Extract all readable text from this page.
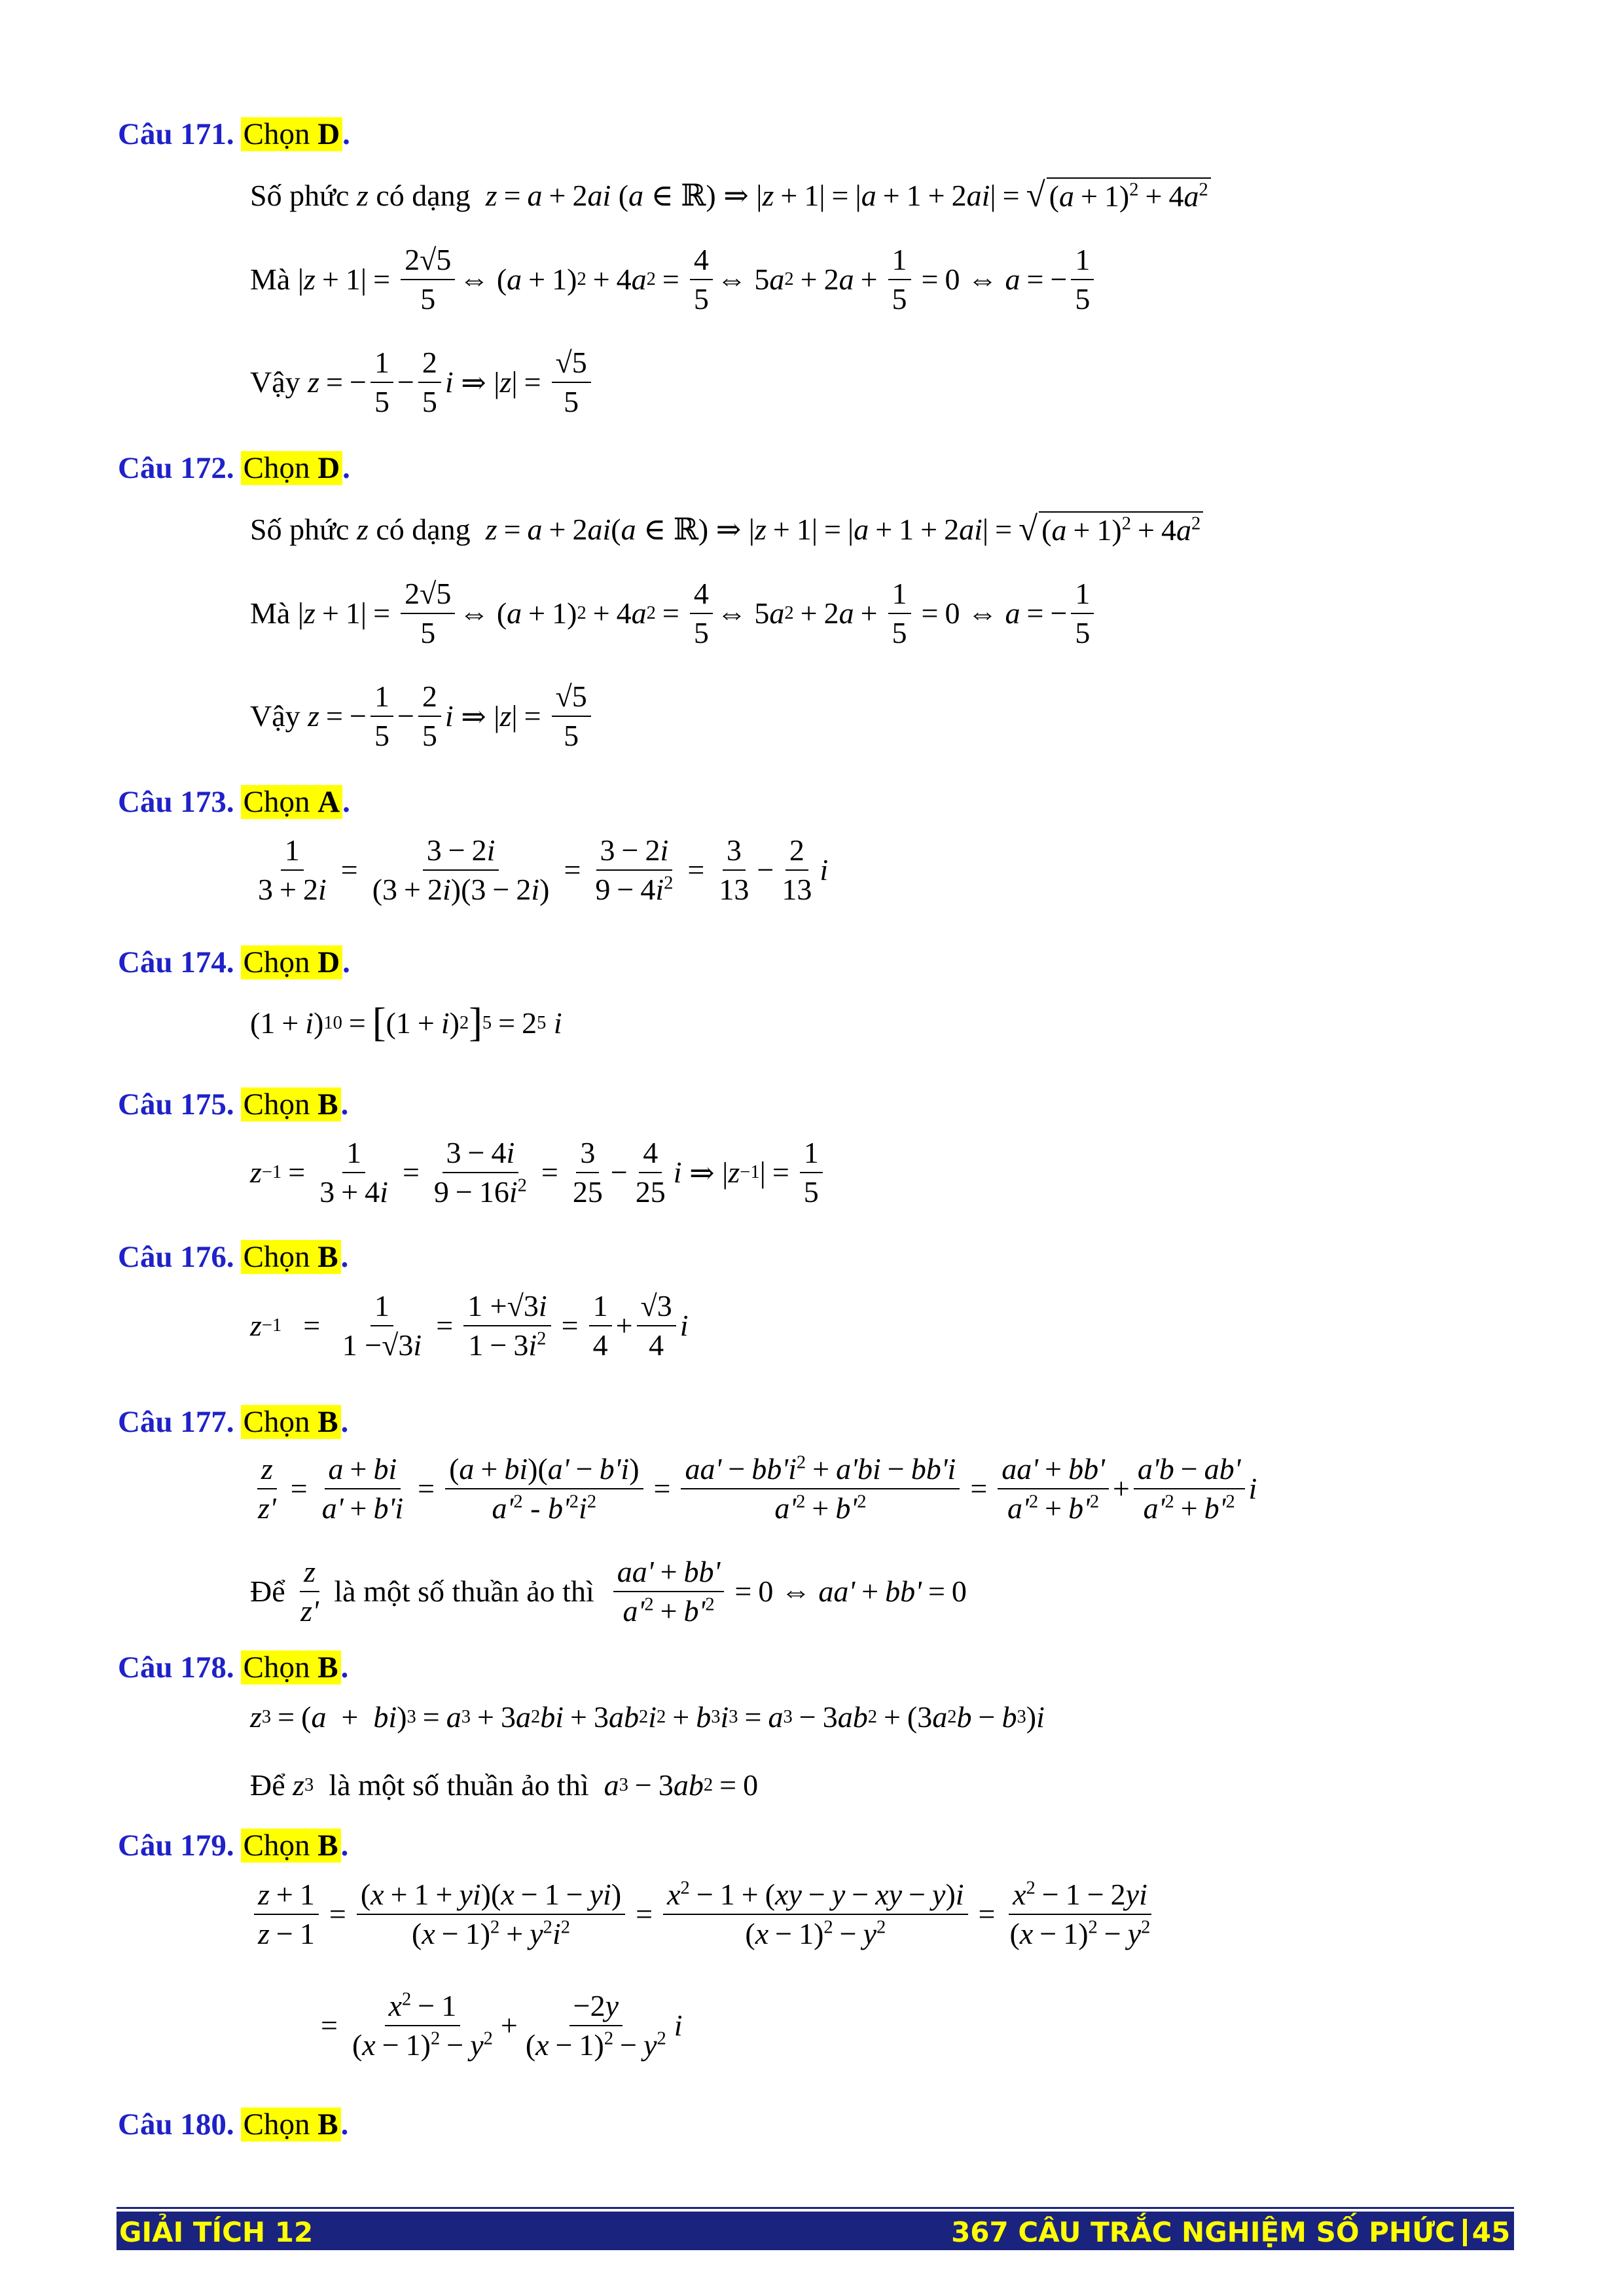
Câu 171. Chọn D.
Số phức
z
có dạng
z = a + 2 ai ( a ∈ ℝ) ⇒ | z + 1| = | a + 1 + 2 ai | = √ $(a + 1)^2 + 4a^2$
Mà | $z + 1| = \frac{2√5}{5}$ ⇔ ( a + 1) 2 + 4 a $2 = \frac{4}{5}$ ⇔ 5 a 2 + 2 $a + \frac{1}{5} = 0$ ⇔ a = − $\frac{1}{5}$
Vậy
z = − $\frac{1}{5} - \frac{2}{5}$ i ⇒ | z | = $\frac{√5}{5}$
Câu 172. Chọn D.
Số phức
z
có dạng
z = a + 2 ai ( a ∈ ℝ) ⇒ | z + 1| = | a + 1 + 2 ai | = √ $(a + 1)^2 + 4a^2$
Mà | $z + 1| = \frac{2√5}{5}$ ⇔ ( a + 1) 2 + 4 a $2 = \frac{4}{5}$ ⇔ 5 a 2 + 2 $a + \frac{1}{5} = 0$ ⇔ a = − $\frac{1}{5}$
Vậy
z = − $\frac{1}{5} - \frac{2}{5}$ i ⇒ | z | = $\frac{√5}{5}$
Câu 173. Chọn A.
$\frac{1}{3 + 2i} = \frac{3 - 2i}{(3 + 2i)(3 - 2i)} = \frac{3 - 2i}{9 - 4i^2} = \frac{3}{13} - \frac{2}{13}$ i
Câu 174. Chọn D.
(1 + i ) 10 = [ (1 + i ) 2 ] 5 = 2 5
i
Câu 175. Chọn B.
$z -1 = \frac{1}{3 + 4i} = \frac{3 - 4i}{9 - 16i^2} = \frac{3}{25} - \frac{4}{25}$ i ⇒ | z −1 | = $\frac{1}{5}$
Câu 176. Chọn B.
z −1
=
$\frac{1}{1 -√3i} = \frac{1 +√3i}{1 - 3i^2} = \frac{1}{4} + \frac{√3}{4}$ i
Câu 177. Chọn B.
$\frac{z}{z'} = \frac{a + bi}{a' + b'i} = \frac{(a + bi)(a' - b'i)}{a'^2 - b'^2i^2} = \frac{aa' - bb'i^2 + a'bi - bb'i}{a'^2 + b'^2} = \frac{aa' + bb'}{a'^2 + b'^2} + \frac{a'b - ab'}{a'^2 + b'^2}$ i
Để
$\frac{z}{z'}$
là một số thuần ảo thì
$\frac{aa' + bb'}{a'^2 + b'^2} = 0$ ⇔ aa' + bb' = 0
Câu 178. Chọn B.
z 3 = ( a + bi ) 3 = a 3 + 3 a 2 bi + 3 ab 2 i 2 + b 3 i 3 = a 3 − 3 ab 2 + (3 a 2 b − b 3 ) i
Để
z 3
là một số thuần ảo thì
a 3 − 3 ab 2 = 0
Câu 179. Chọn B.
$\frac{z + 1}{z - 1} = \frac{(x + 1 + yi)(x - 1 - yi)}{(x - 1)^2 + y^2i^2} = \frac{x^2 - 1 + (xy - y - xy - y)i}{(x - 1)^2 - y^2} = \frac{x^2 - 1 - 2yi}{(x - 1)^2 - y^2}$
= $\frac{x^2 - 1}{(x - 1)^2 - y^2} + \frac{-2y}{(x - 1)^2 - y^2}$ i
Câu 180. Chọn B.
GIẢI TÍCH 12	367 CÂU TRẮC NGHIỆM SỐ PHỨC 45
